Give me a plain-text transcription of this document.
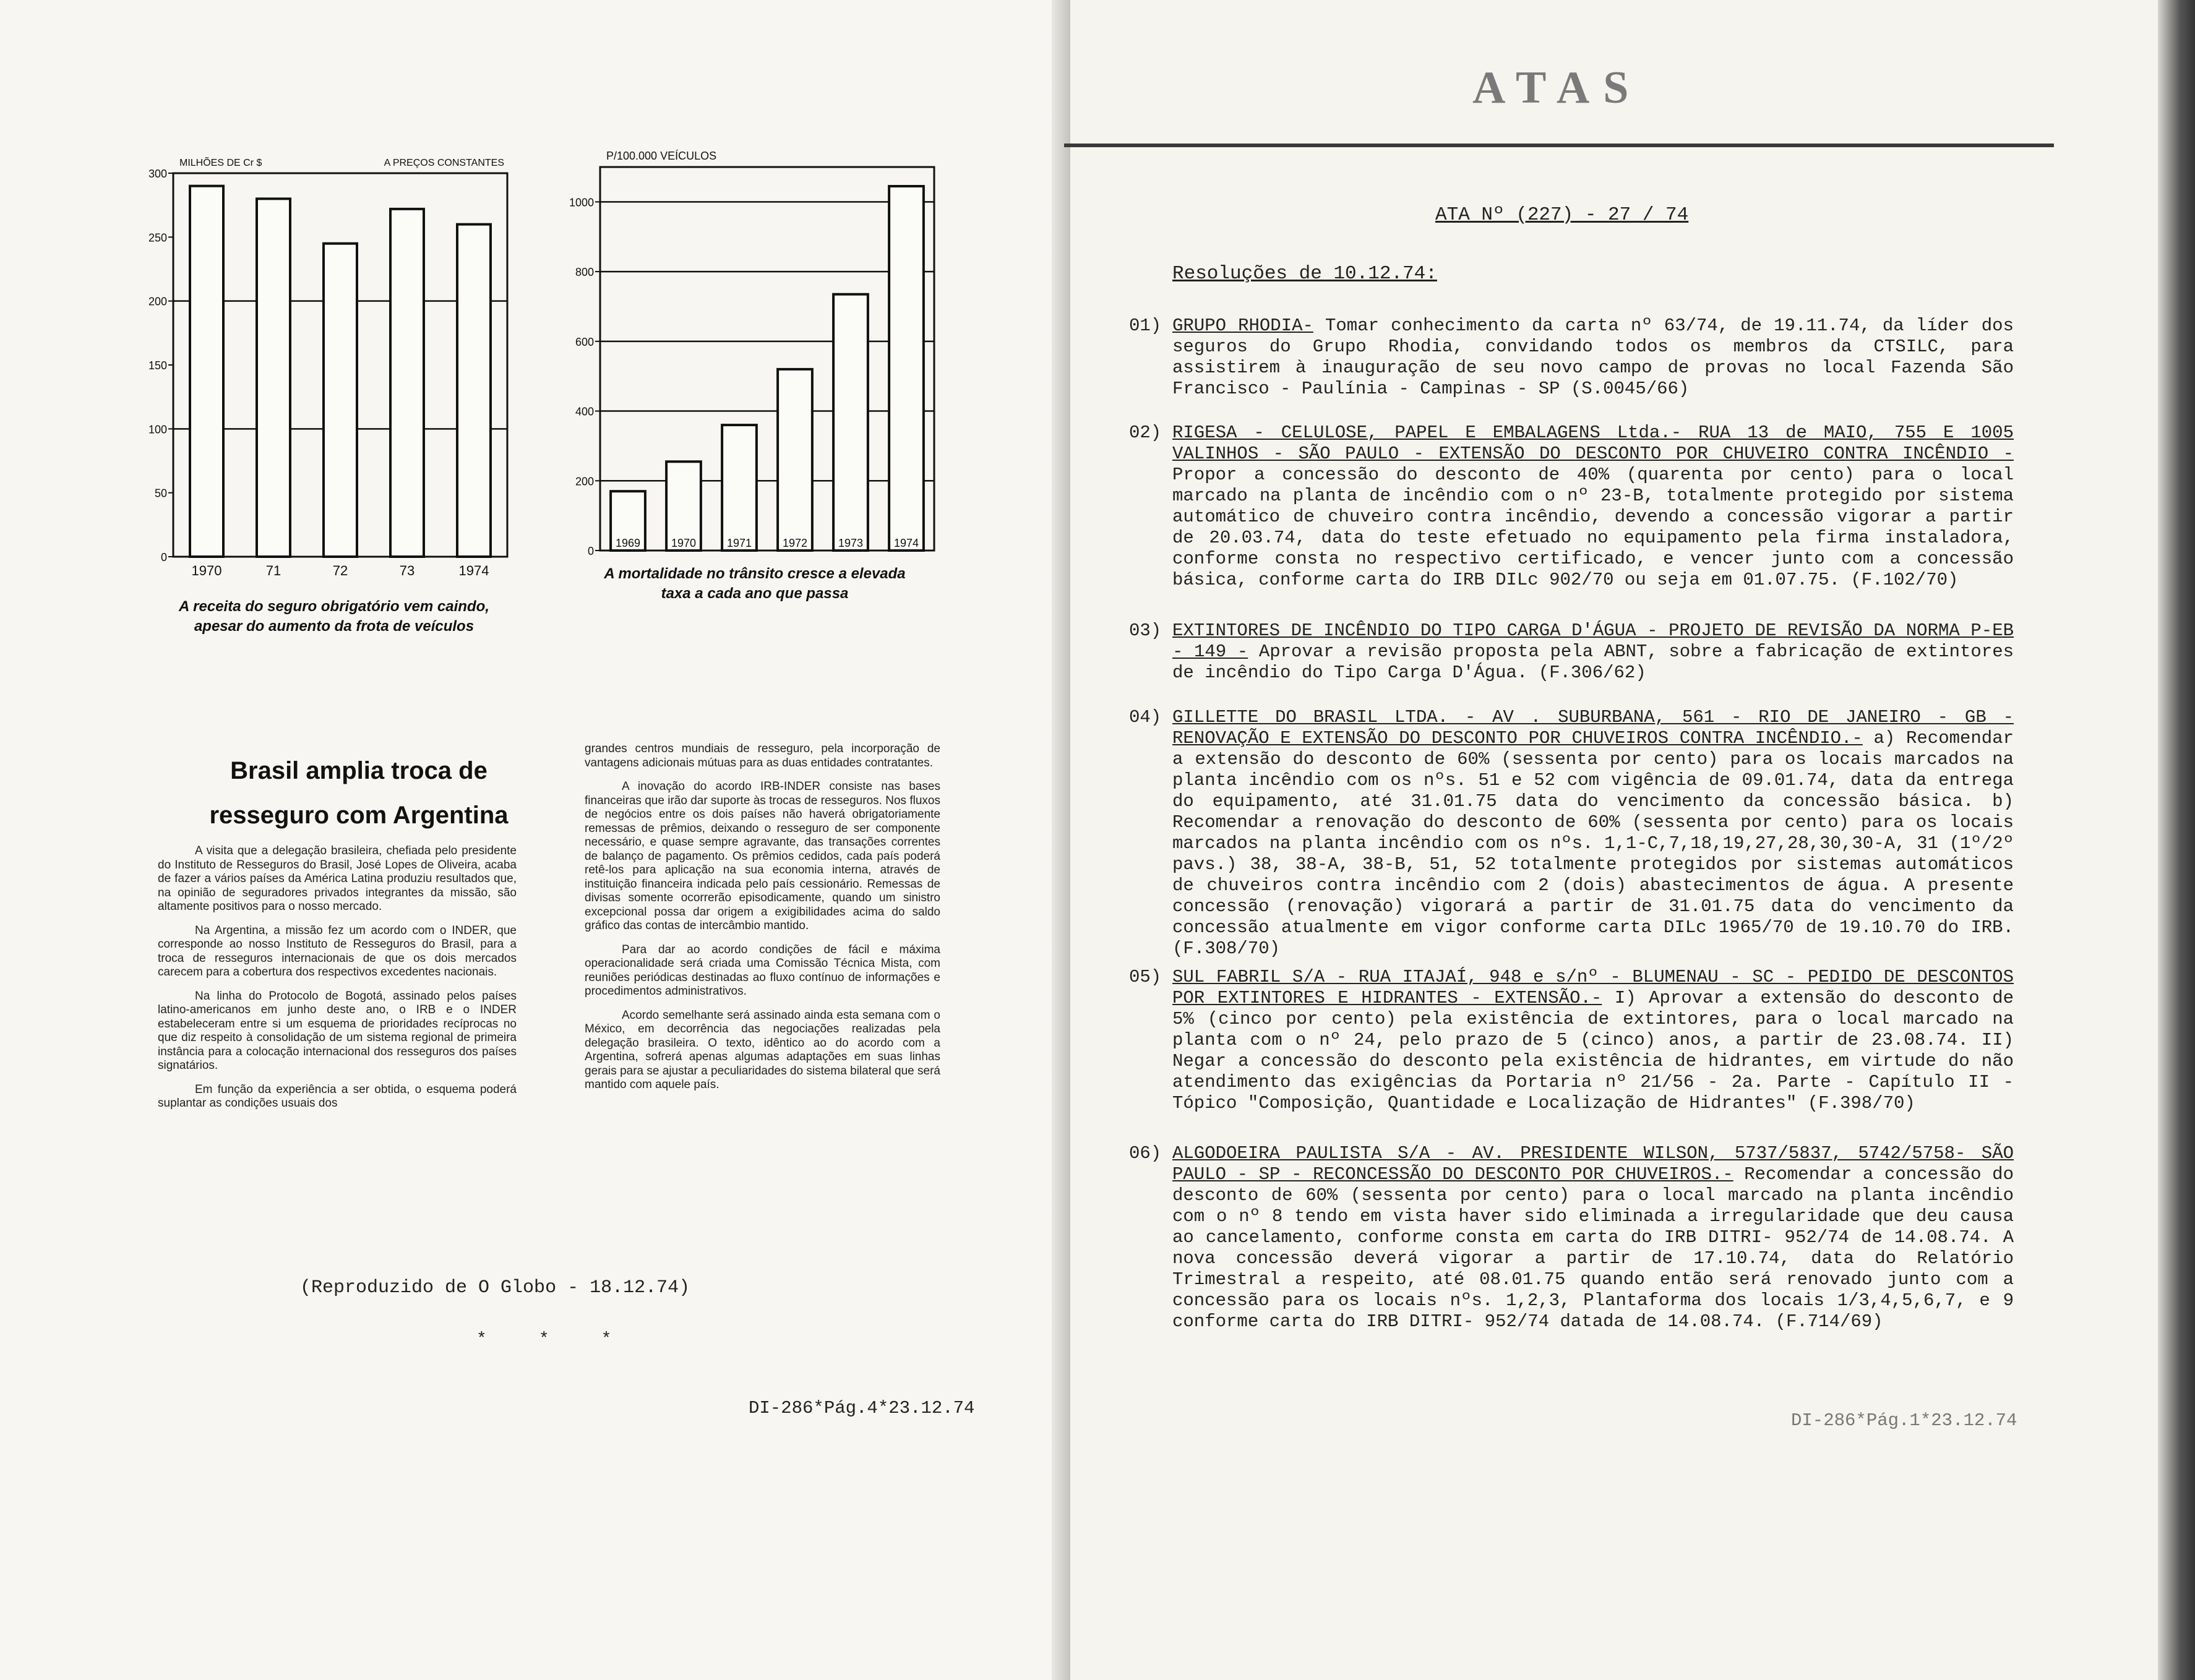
MILHÕES DE Cr $	A PREÇOS CONSTANTES
0
50
100
150
200
250
300
1970	71	72	73	1974
A receita do seguro obrigatório vem caindo,
apesar do aumento da frota de veículos
P/100.000 VEÍCULOS
0
200
400
600
800
1000
1969	1970	1971	1972	1973	1974
A mortalidade no trânsito cresce a elevada
taxa a cada ano que passa
Brasil amplia troca de
resseguro com Argentina

A visita que a delegação brasileira, chefiada pelo presidente do Instituto de Resseguros do Brasil, José Lopes de Oliveira, acaba de fazer a vários países da América Latina produziu resultados que, na opinião de seguradores privados integrantes da missão, são altamente positivos para o nosso mercado.

Na Argentina, a missão fez um acordo com o INDER, que corresponde ao nosso Instituto de Resseguros do Brasil, para a troca de resseguros internacionais de que os dois mercados carecem para a cobertura dos respectivos excedentes nacionais.

Na linha do Protocolo de Bogotá, assinado pelos países latino-americanos em junho deste ano, o IRB e o INDER estabeleceram entre si um esquema de prioridades recíprocas no que diz respeito à consolidação de um sistema regional de primeira instância para a colocação internacional dos resseguros dos países signatários.

Em função da experiência a ser obtida, o esquema poderá suplantar as condições usuais dos

grandes centros mundiais de resseguro, pela incorporação de vantagens adicionais mútuas para as duas entidades contratantes.

A inovação do acordo IRB-INDER consiste nas bases financeiras que irão dar suporte às trocas de resseguros. Nos fluxos de negócios entre os dois países não haverá obrigatoriamente remessas de prêmios, deixando o resseguro de ser componente necessário, e quase sempre agravante, das transações correntes de balanço de pagamento. Os prêmios cedidos, cada país poderá retê-los para aplicação na sua economia interna, através de instituição financeira indicada pelo país cessionário. Remessas de divisas somente ocorrerão episodicamente, quando um sinistro excepcional possa dar origem a exigibilidades acima do saldo gráfico das contas de intercâmbio mantido.

Para dar ao acordo condições de fácil e máxima operacionalidade será criada uma Comissão Técnica Mista, com reuniões periódicas destinadas ao fluxo contínuo de informações e procedimentos administrativos.

Acordo semelhante será assinado ainda esta semana com o México, em decorrência das negociações realizadas pela delegação brasileira. O texto, idêntico ao do acordo com a Argentina, sofrerá apenas algumas adaptações em suas linhas gerais para se ajustar a peculiaridades do sistema bilateral que será mantido com aquele país.

(Reproduzido de O Globo - 18.12.74)
*     *     *
DI-286*Pág.4*23.12.74
ATAS
ATA Nº (227) - 27 / 74
Resoluções de 10.12.74:
01) GRUPO RHODIA- Tomar conhecimento da carta nº 63/74, de 19.11.74, da líder dos seguros do Grupo Rhodia, convidando todos os membros da CTSILC, para assistirem à inauguração de seu novo campo de provas no local Fazenda São Francisco - Paulínia - Campinas - SP (S.0045/66)
02) RIGESA - CELULOSE, PAPEL E EMBALAGENS Ltda.- RUA 13 de MAIO, 755 E 1005 VALINHOS - SÃO PAULO - EXTENSÃO DO DESCONTO POR CHUVEIRO CONTRA INCÊNDIO - Propor a concessão do desconto de 40% (quarenta por cento) para o local marcado na planta de incêndio com o nº 23-B, totalmente protegido por sistema automático de chuveiro contra incêndio, devendo a concessão vigorar a partir de 20.03.74, data do teste efetuado no equipamento pela firma instaladora, conforme consta no respectivo certificado, e vencer junto com a concessão básica, conforme carta do IRB DILc 902/70 ou seja em 01.07.75. (F.102/70)
03) EXTINTORES DE INCÊNDIO DO TIPO CARGA D'ÁGUA - PROJETO DE REVISÃO DA NORMA P-EB - 149 - Aprovar a revisão proposta pela ABNT, sobre a fabricação de extintores de incêndio do Tipo Carga D'Água. (F.306/62)
04) GILLETTE DO BRASIL LTDA. - AV . SUBURBANA, 561 - RIO DE JANEIRO - GB - RENOVAÇÃO E EXTENSÃO DO DESCONTO POR CHUVEIROS CONTRA INCÊNDIO.- a) Recomendar a extensão do desconto de 60% (sessenta por cento) para os locais marcados na planta incêndio com os nºs. 51 e 52 com vigência de 09.01.74, data da entrega do equipamento, até 31.01.75 data do vencimento da concessão básica. b) Recomendar a renovação do desconto de 60% (sessenta por cento) para os locais marcados na planta incêndio com os nºs. 1,1-C,7,18,19,27,28,30,30-A, 31 (1º/2º pavs.) 38, 38-A, 38-B, 51, 52 totalmente protegidos por sistemas automáticos de chuveiros contra incêndio com 2 (dois) abastecimentos de água. A presente concessão (renovação) vigorará a partir de 31.01.75 data do vencimento da concessão atualmente em vigor conforme carta DILc 1965/70 de 19.10.70 do IRB. (F.308/70)
05) SUL FABRIL S/A - RUA ITAJAÍ, 948 e s/nº - BLUMENAU - SC - PEDIDO DE DESCONTOS POR EXTINTORES E HIDRANTES - EXTENSÃO.- I) Aprovar a extensão do desconto de 5% (cinco por cento) pela existência de extintores, para o local marcado na planta com o nº 24, pelo prazo de 5 (cinco) anos, a partir de 23.08.74. II) Negar a concessão do desconto pela existência de hidrantes, em virtude do não atendimento das exigências da Portaria nº 21/56 - 2a. Parte - Capítulo II - Tópico "Composição, Quantidade e Localização de Hidrantes" (F.398/70)
06) ALGODOEIRA PAULISTA S/A - AV. PRESIDENTE WILSON, 5737/5837, 5742/5758- SÃO PAULO - SP - RECONCESSÃO DO DESCONTO POR CHUVEIROS.- Recomendar a concessão do desconto de 60% (sessenta por cento) para o local marcado na planta incêndio com o nº 8 tendo em vista haver sido eliminada a irregularidade que deu causa ao cancelamento, conforme consta em carta do IRB DITRI- 952/74 de 14.08.74. A nova concessão deverá vigorar a partir de 17.10.74, data do Relatório Trimestral a respeito, até 08.01.75 quando então será renovado junto com a concessão para os locais nºs. 1,2,3, Plantaforma dos locais 1/3,4,5,6,7, e 9 conforme carta do IRB DITRI- 952/74 datada de 14.08.74. (F.714/69)
DI-286*Pág.1*23.12.74
